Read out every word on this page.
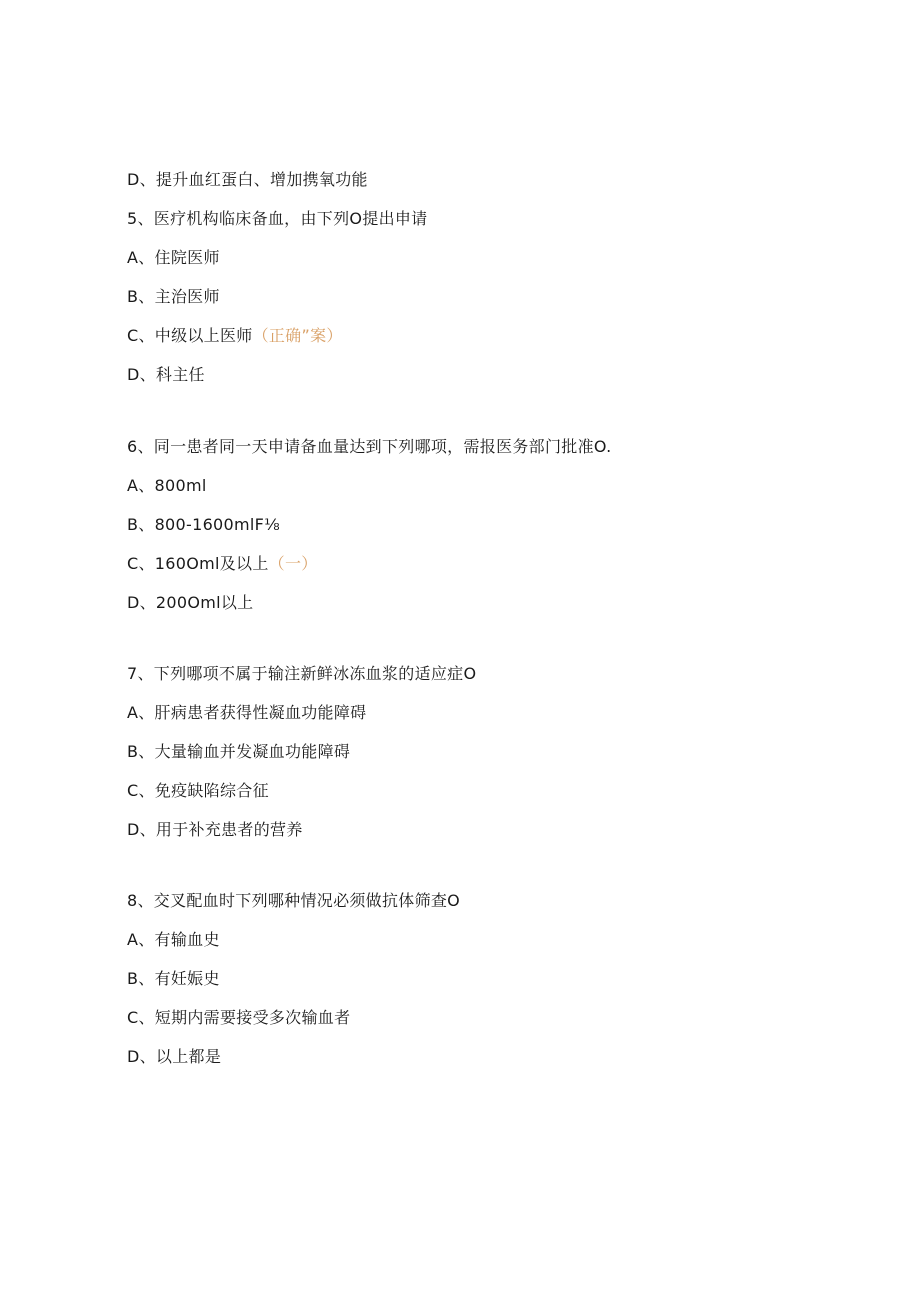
D、提升血红蛋白、增加携氧功能
5、医疗机构临床备血，由下列O提出申请
A、住院医师
B、主治医师
C、中级以上医师（正确”案）
D、科主任
6、同一患者同一天申请备血量达到下列哪项，需报医务部门批准O.
A、800ml
B、800-1600mlF⅛
C、160Oml及以上（一）
D、200Oml以上
7、下列哪项不属于输注新鲜冰冻血浆的适应症O
A、肝病患者获得性凝血功能障碍
B、大量输血并发凝血功能障碍
C、免疫缺陷综合征
D、用于补充患者的营养
8、交叉配血时下列哪种情况必须做抗体筛查O
A、有输血史
B、有妊娠史
C、短期内需要接受多次输血者
D、以上都是
